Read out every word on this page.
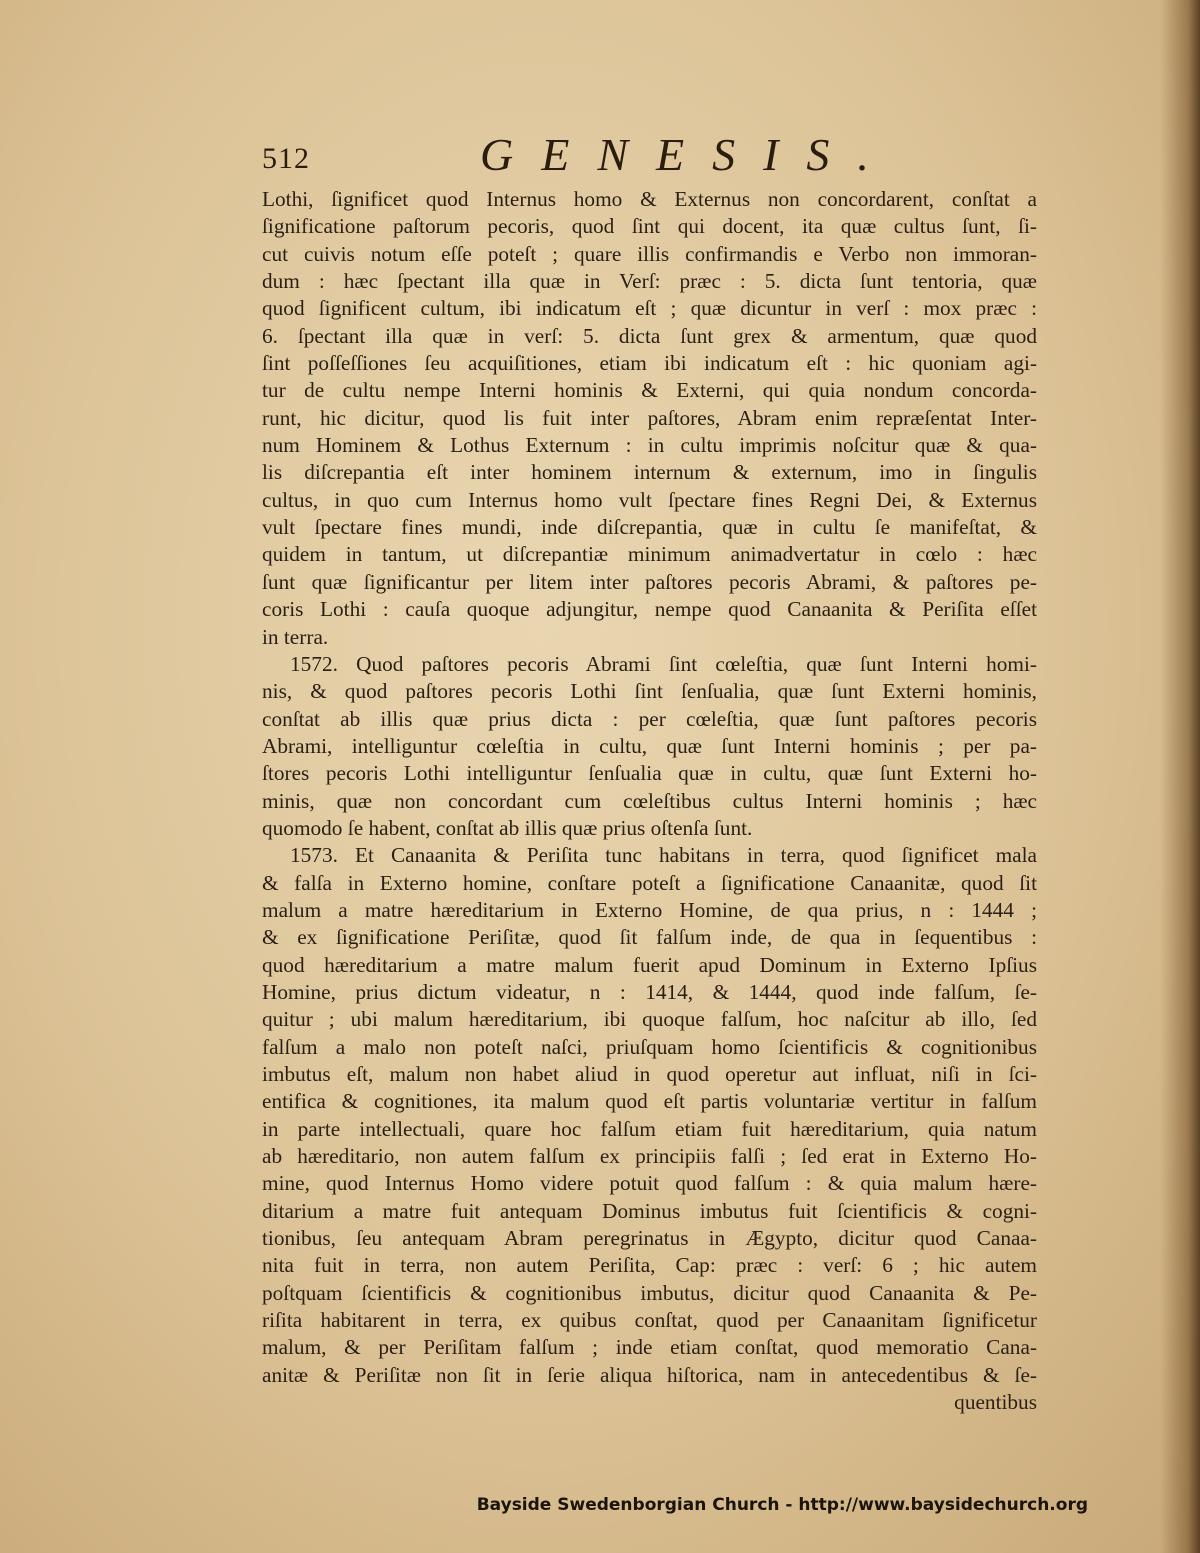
512	GENESIS.
Lothi, ſignificet quod Internus homo & Externus non concordarent, conſtat a
ſignificatione paſtorum pecoris, quod ſint qui docent, ita quæ cultus ſunt, ſi-
cut cuivis notum eſſe poteſt ; quare illis confirmandis e Verbo non immoran-
dum : hæc ſpectant illa quæ in Verſ: præc : 5. dicta ſunt tentoria, quæ
quod ſignificent cultum, ibi indicatum eſt ; quæ dicuntur in verſ : mox præc :
6. ſpectant illa quæ in verſ: 5. dicta ſunt grex & armentum, quæ quod
ſint poſſeſſiones ſeu acquiſitiones, etiam ibi indicatum eſt : hic quoniam agi-
tur de cultu nempe Interni hominis & Externi, qui quia nondum concorda-
runt, hic dicitur, quod lis fuit inter paſtores, Abram enim repræſentat Inter-
num Hominem & Lothus Externum : in cultu imprimis noſcitur quæ & qua-
lis diſcrepantia eſt inter hominem internum & externum, imo in ſingulis
cultus, in quo cum Internus homo vult ſpectare fines Regni Dei, & Externus
vult ſpectare fines mundi, inde diſcrepantia, quæ in cultu ſe manifeſtat, &
quidem in tantum, ut diſcrepantiæ minimum animadvertatur in cœlo : hæc
ſunt quæ ſignificantur per litem inter paſtores pecoris Abrami, & paſtores pe-
coris Lothi : cauſa quoque adjungitur, nempe quod Canaanita & Periſita eſſet
in terra.
1572. Quod paſtores pecoris Abrami ſint cœleſtia, quæ ſunt Interni homi-
nis, & quod paſtores pecoris Lothi ſint ſenſualia, quæ ſunt Externi hominis,
conſtat ab illis quæ prius dicta : per cœleſtia, quæ ſunt paſtores pecoris
Abrami, intelliguntur cœleſtia in cultu, quæ ſunt Interni hominis ; per pa-
ſtores pecoris Lothi intelliguntur ſenſualia quæ in cultu, quæ ſunt Externi ho-
minis, quæ non concordant cum cœleſtibus cultus Interni hominis ; hæc
quomodo ſe habent, conſtat ab illis quæ prius oſtenſa ſunt.
1573. Et Canaanita & Periſita tunc habitans in terra, quod ſignificet mala
& falſa in Externo homine, conſtare poteſt a ſignificatione Canaanitæ, quod ſit
malum a matre hæreditarium in Externo Homine, de qua prius, n : 1444 ;
& ex ſignificatione Periſitæ, quod ſit falſum inde, de qua in ſequentibus :
quod hæreditarium a matre malum fuerit apud Dominum in Externo Ipſius
Homine, prius dictum videatur, n : 1414, & 1444, quod inde falſum, ſe-
quitur ; ubi malum hæreditarium, ibi quoque falſum, hoc naſcitur ab illo, ſed
falſum a malo non poteſt naſci, priuſquam homo ſcientificis & cognitionibus
imbutus eſt, malum non habet aliud in quod operetur aut influat, niſi in ſci-
entifica & cognitiones, ita malum quod eſt partis voluntariæ vertitur in falſum
in parte intellectuali, quare hoc falſum etiam fuit hæreditarium, quia natum
ab hæreditario, non autem falſum ex principiis falſi ; ſed erat in Externo Ho-
mine, quod Internus Homo videre potuit quod falſum : & quia malum hære-
ditarium a matre fuit antequam Dominus imbutus fuit ſcientificis & cogni-
tionibus, ſeu antequam Abram peregrinatus in Ægypto, dicitur quod Canaa-
nita fuit in terra, non autem Periſita, Cap: præc : verſ: 6 ; hic autem
poſtquam ſcientificis & cognitionibus imbutus, dicitur quod Canaanita & Pe-
riſita habitarent in terra, ex quibus conſtat, quod per Canaanitam ſignificetur
malum, & per Periſitam falſum ; inde etiam conſtat, quod memoratio Cana-
anitæ & Periſitæ non ſit in ſerie aliqua hiſtorica, nam in antecedentibus & ſe-
quentibus
Bayside Swedenborgian Church - http://www.baysidechurch.org
